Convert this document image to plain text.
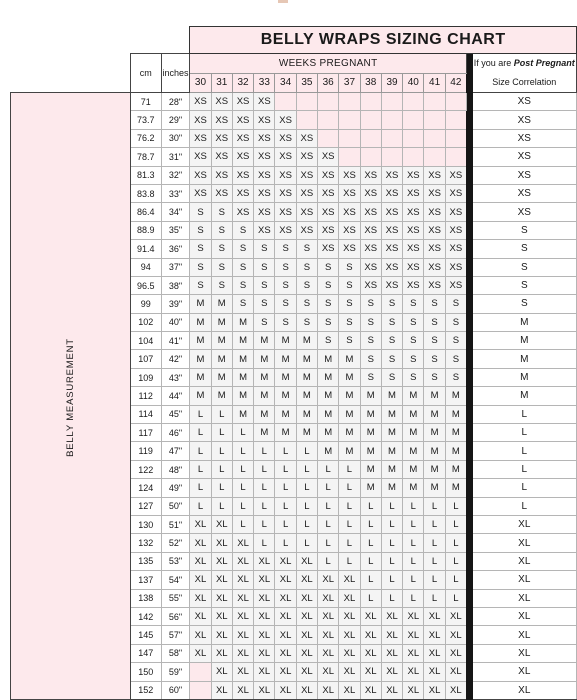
			BELLY WRAPS SIZING CHART														
	cm	inches	WEEKS PREGNANT														If you are Post Pregnant
Size Correlation

			30	31	32	33	34	35	36	37	38	39	40	41	42		
BELLY MEASUREMENT	71	28"	XS	XS	XS	XS											XS
	73.7	29"	XS	XS	XS	XS	XS										XS
	76.2	30"	XS	XS	XS	XS	XS	XS									XS
	78.7	31"	XS	XS	XS	XS	XS	XS	XS								XS
	81.3	32"	XS	XS	XS	XS	XS	XS	XS	XS	XS	XS	XS	XS	XS		XS
	83.8	33"	XS	XS	XS	XS	XS	XS	XS	XS	XS	XS	XS	XS	XS		XS
	86.4	34"	S	S	XS	XS	XS	XS	XS	XS	XS	XS	XS	XS	XS		XS
	88.9	35"	S	S	S	XS	XS	XS	XS	XS	XS	XS	XS	XS	XS		S
	91.4	36"	S	S	S	S	S	S	XS	XS	XS	XS	XS	XS	XS		S
	94	37"	S	S	S	S	S	S	S	S	XS	XS	XS	XS	XS		S
	96.5	38"	S	S	S	S	S	S	S	S	XS	XS	XS	XS	XS		S
	99	39"	M	M	S	S	S	S	S	S	S	S	S	S	S		S
	102	40"	M	M	M	S	S	S	S	S	S	S	S	S	S		M
	104	41"	M	M	M	M	M	M	S	S	S	S	S	S	S		M
	107	42"	M	M	M	M	M	M	M	M	S	S	S	S	S		M
	109	43"	M	M	M	M	M	M	M	M	S	S	S	S	S		M
	112	44"	M	M	M	M	M	M	M	M	M	M	M	M	M		M
	114	45"	L	L	M	M	M	M	M	M	M	M	M	M	M		L
	117	46"	L	L	L	M	M	M	M	M	M	M	M	M	M		L
	119	47"	L	L	L	L	L	L	M	M	M	M	M	M	M		L
	122	48"	L	L	L	L	L	L	L	L	M	M	M	M	M		L
	124	49"	L	L	L	L	L	L	L	L	M	M	M	M	M		L
	127	50"	L	L	L	L	L	L	L	L	L	L	L	L	L		L
	130	51"	XL	XL	L	L	L	L	L	L	L	L	L	L	L		XL
	132	52"	XL	XL	XL	L	L	L	L	L	L	L	L	L	L		XL
	135	53"	XL	XL	XL	XL	XL	XL	L	L	L	L	L	L	L		XL
	137	54"	XL	XL	XL	XL	XL	XL	XL	XL	L	L	L	L	L		XL
	138	55"	XL	XL	XL	XL	XL	XL	XL	XL	L	L	L	L	L		XL
	142	56"	XL	XL	XL	XL	XL	XL	XL	XL	XL	XL	XL	XL	XL		XL
	145	57"	XL	XL	XL	XL	XL	XL	XL	XL	XL	XL	XL	XL	XL		XL
	147	58"	XL	XL	XL	XL	XL	XL	XL	XL	XL	XL	XL	XL	XL		XL
	150	59"		XL	XL	XL	XL	XL	XL	XL	XL	XL	XL	XL	XL		XL
	152	60"		XL	XL	XL	XL	XL	XL	XL	XL	XL	XL	XL	XL		XL
